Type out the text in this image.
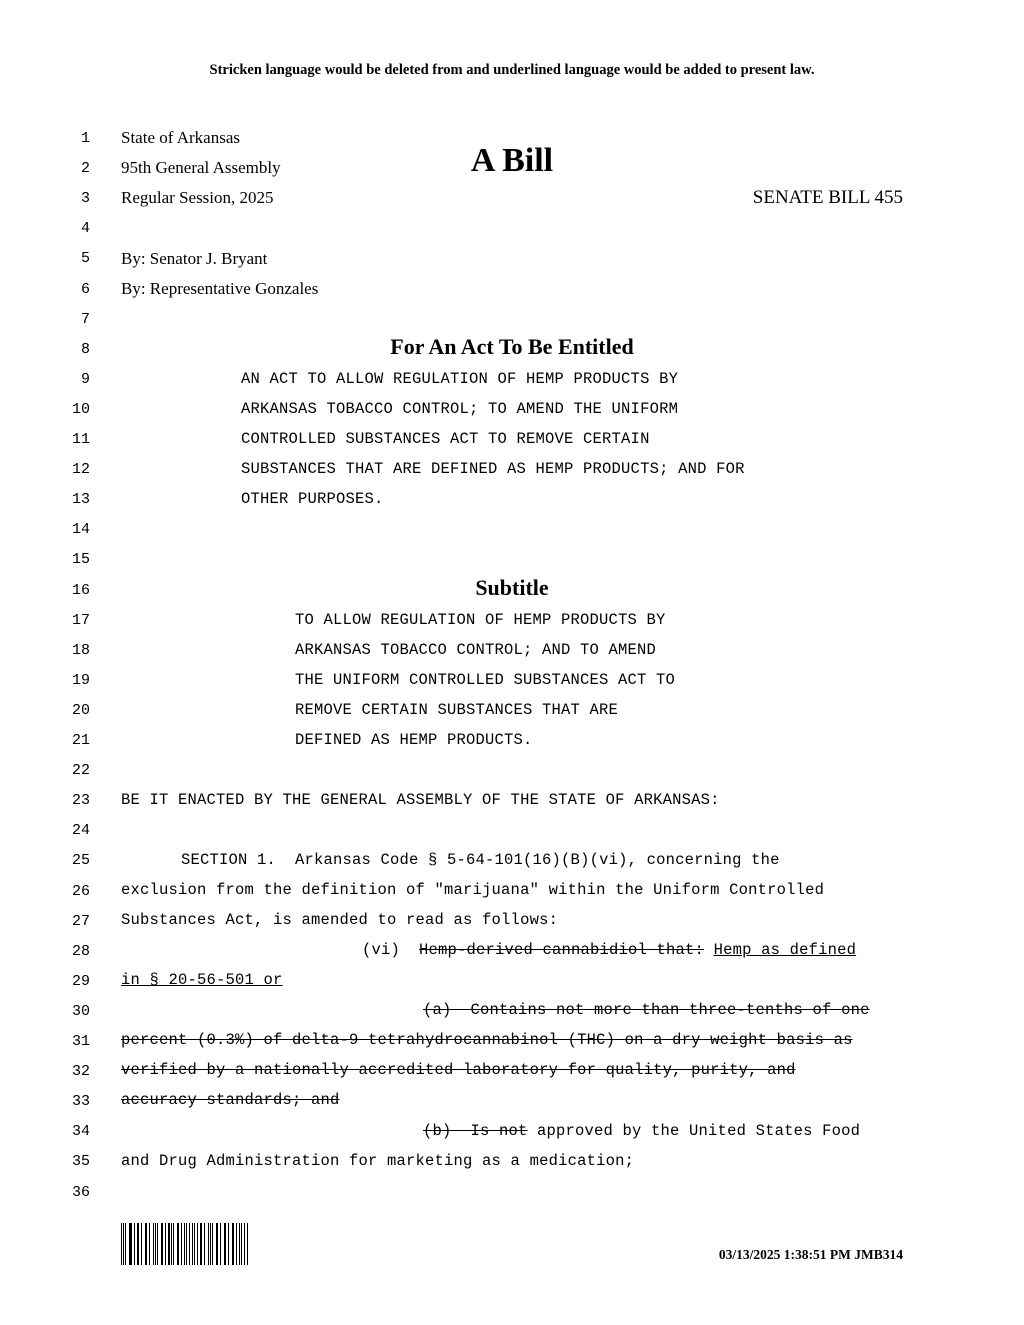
Stricken language would be deleted from and underlined language would be added to present law.
1
2
3
4
5
6
7
8
9
10
11
12
13
14
15
16
17
18
19
20
21
22
23
24
25
26
27
28
29
30
31
32
33
34
35
36
State of Arkansas
95th General Assembly	A Bill
Regular Session, 2025	SENATE BILL 455
By: Senator J. Bryant
By: Representative Gonzales
For An Act To Be Entitled
AN ACT TO ALLOW REGULATION OF HEMP PRODUCTS BY
ARKANSAS TOBACCO CONTROL; TO AMEND THE UNIFORM
CONTROLLED SUBSTANCES ACT TO REMOVE CERTAIN
SUBSTANCES THAT ARE DEFINED AS HEMP PRODUCTS; AND FOR
OTHER PURPOSES.
Subtitle
TO ALLOW REGULATION OF HEMP PRODUCTS BY
ARKANSAS TOBACCO CONTROL; AND TO AMEND
THE UNIFORM CONTROLLED SUBSTANCES ACT TO
REMOVE CERTAIN SUBSTANCES THAT ARE
DEFINED AS HEMP PRODUCTS.
BE IT ENACTED BY THE GENERAL ASSEMBLY OF THE STATE OF ARKANSAS:
SECTION 1.  Arkansas Code § 5-64-101(16)(B)(vi), concerning the
exclusion from the definition of "marijuana" within the Uniform Controlled
Substances Act, is amended to read as follows:
(vi)  Hemp-derived cannabidiol that: Hemp as defined
in § 20-56-501 or
(a)  Contains not more than three-tenths of one
percent (0.3%) of delta-9 tetrahydrocannabinol (THC) on a dry weight basis as
verified by a nationally accredited laboratory for quality, purity, and
accuracy standards; and
(b)  Is not approved by the United States Food
and Drug Administration for marketing as a medication;
03/13/2025 1:38:51 PM JMB314
